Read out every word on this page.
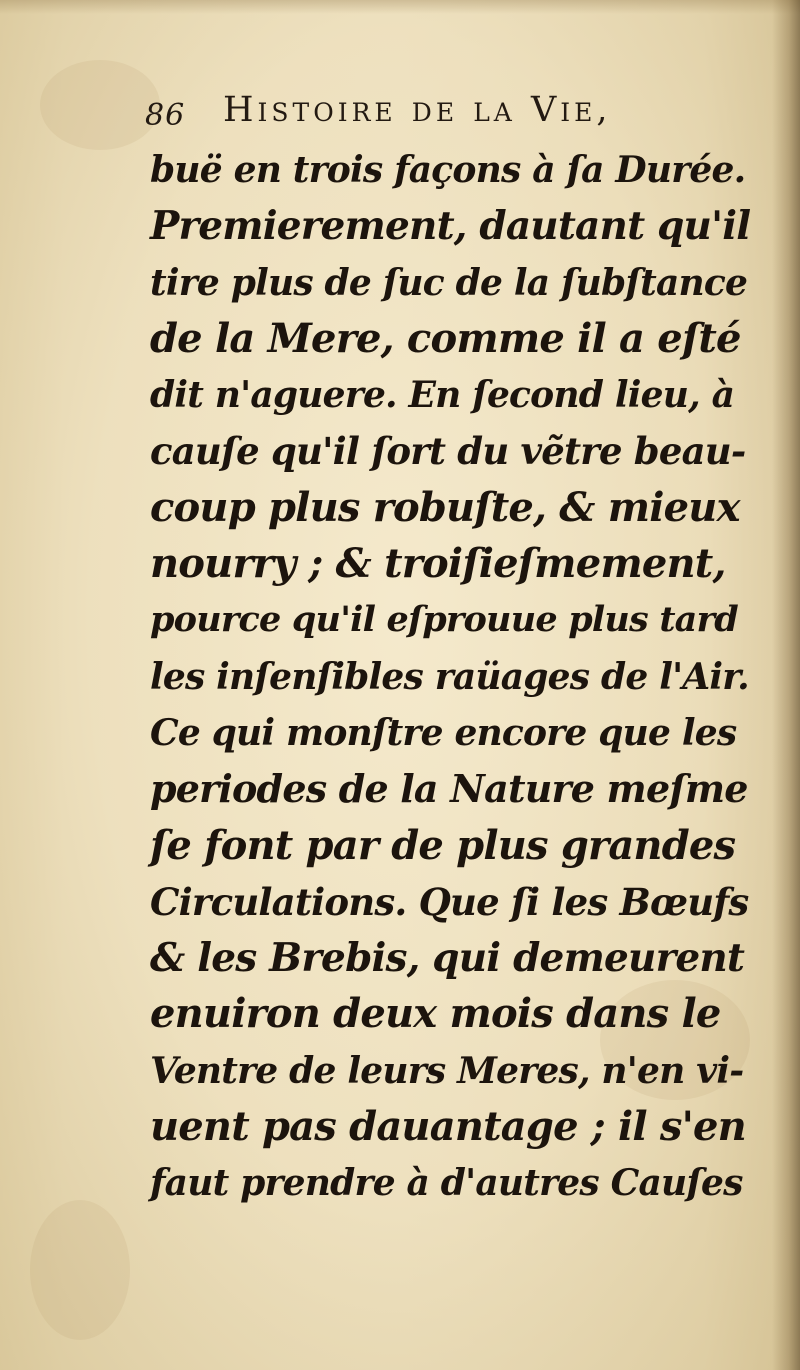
86 Histoire de la Vie,
buë en trois façons à ſa Durée.
Premierement, dautant qu'il
tire plus de ſuc de la ſubſtance
de la Mere, comme il a eſté
dit n'aguere. En ſecond lieu, à
cauſe qu'il ſort du vẽtre beau-
coup plus robuſte, & mieux
nourry ; & troiſieſmement,
pource qu'il eſprouue plus tard
les inſenſibles raüages de l'Air.
Ce qui monſtre encore que les
periodes de la Nature meſme
ſe font par de plus grandes
Circulations. Que ſi les Bœufs
& les Brebis, qui demeurent
enuiron deux mois dans le
Ventre de leurs Meres, n'en vi-
uent pas dauantage ; il s'en
faut prendre à d'autres Cauſes
